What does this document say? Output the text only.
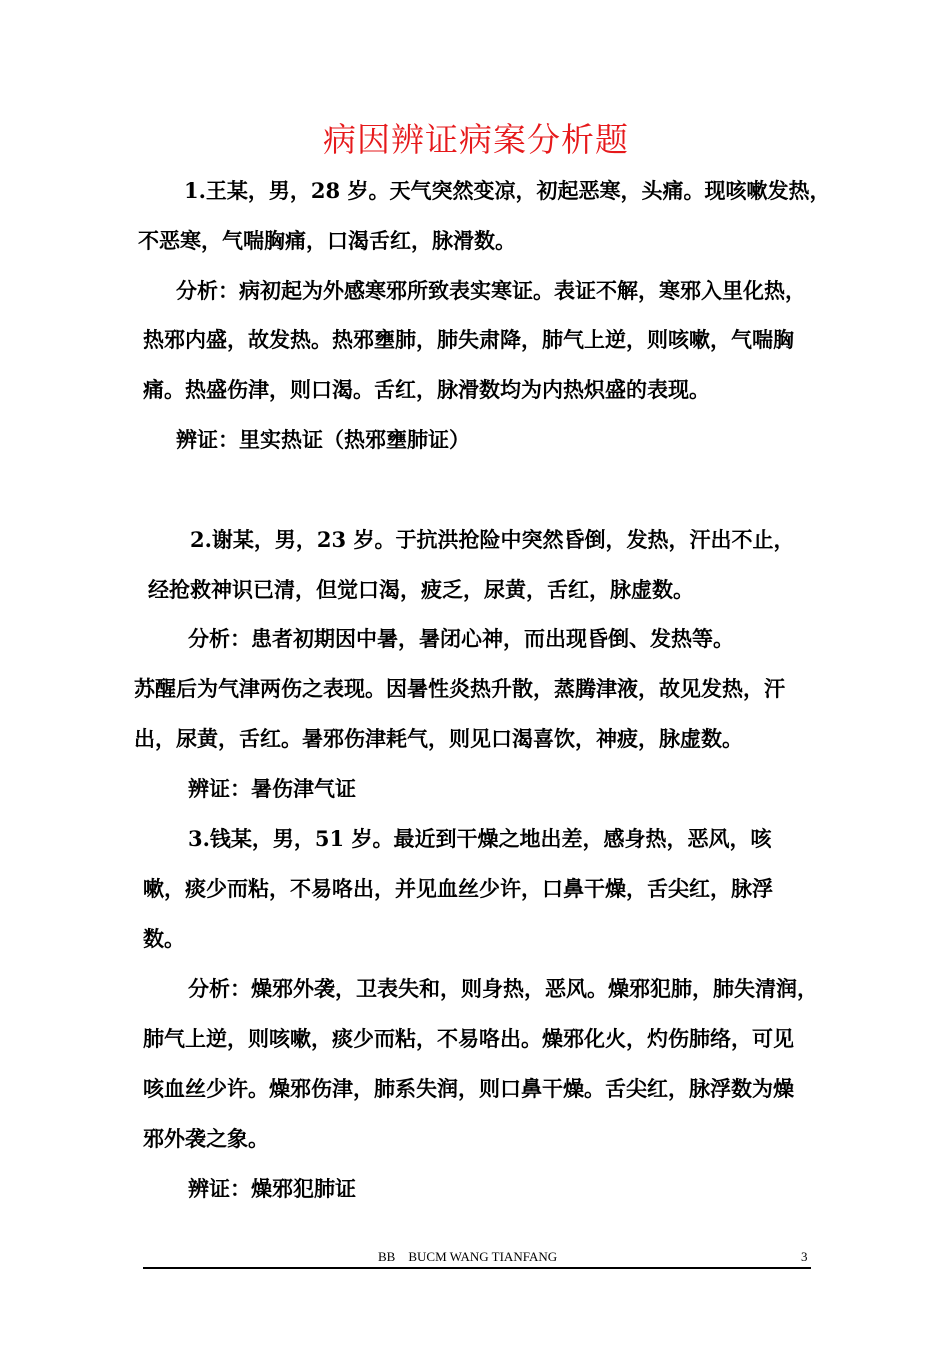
病因辨证病案分析题
1.王某，男，28 岁。天气突然变凉，初起恶寒，头痛。现咳嗽发热，
不恶寒，气喘胸痛，口渴舌红，脉滑数。
分析：病初起为外感寒邪所致表实寒证。表证不解，寒邪入里化热，
热邪内盛，故发热。热邪壅肺，肺失肃降，肺气上逆，则咳嗽，气喘胸
痛。热盛伤津，则口渴。舌红，脉滑数均为内热炽盛的表现。
辨证：里实热证（热邪壅肺证）
2.谢某，男，23 岁。于抗洪抢险中突然昏倒，发热，汗出不止，
经抢救神识已清，但觉口渴，疲乏，尿黄，舌红，脉虚数。
分析：患者初期因中暑，暑闭心神，而出现昏倒、发热等。
苏醒后为气津两伤之表现。因暑性炎热升散，蒸腾津液，故见发热，汗
出，尿黄，舌红。暑邪伤津耗气，则见口渴喜饮，神疲，脉虚数。
辨证：暑伤津气证
3.钱某，男，51 岁。最近到干燥之地出差，感身热，恶风，咳
嗽，痰少而粘，不易咯出，并见血丝少许，口鼻干燥，舌尖红，脉浮
数。
分析：燥邪外袭，卫表失和，则身热，恶风。燥邪犯肺，肺失清润，
肺气上逆，则咳嗽，痰少而粘，不易咯出。燥邪化火，灼伤肺络，可见
咳血丝少许。燥邪伤津，肺系失润，则口鼻干燥。舌尖红，脉浮数为燥
邪外袭之象。
辨证：燥邪犯肺证
BB    BUCM WANG TIANFANG	3
